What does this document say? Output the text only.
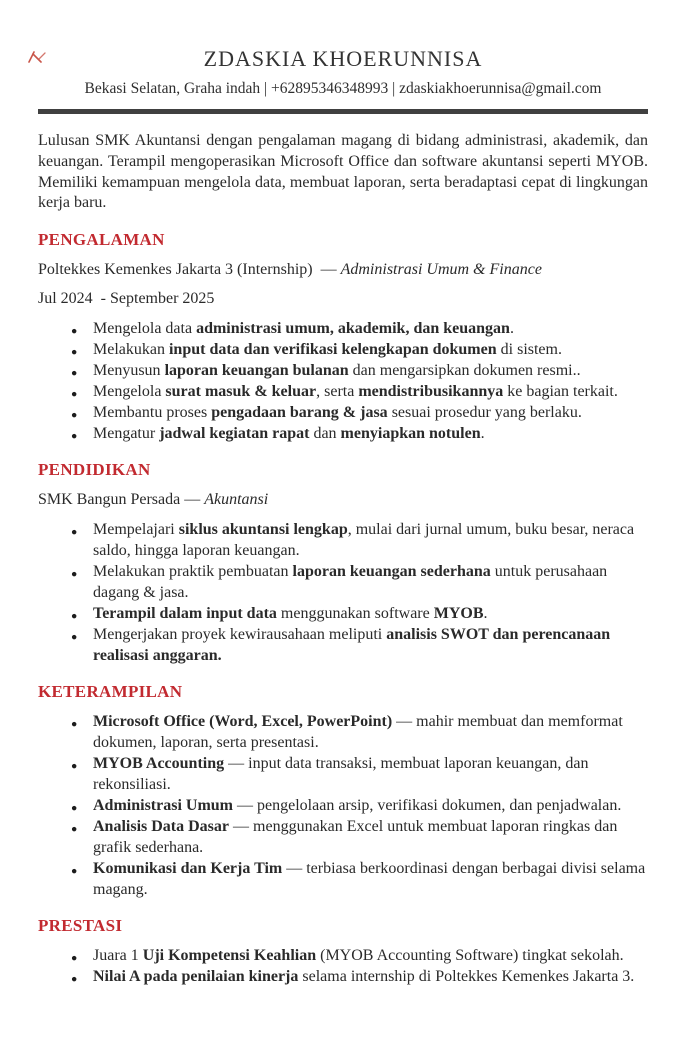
ZDASKIA KHOERUNNISA
Bekasi Selatan, Graha indah | +62895346348993 | zdaskiakhoerunnisa@gmail.com

Lulusan SMK Akuntansi dengan pengalaman magang di bidang administrasi, akademik, dan keuangan. Terampil mengoperasikan Microsoft Office dan software akuntansi seperti MYOB. Memiliki kemampuan mengelola data, membuat laporan, serta beradaptasi cepat di lingkungan kerja baru.

PENGALAMAN
Poltekkes Kemenkes Jakarta 3 (Internship)  — Administrasi Umum & Finance
Jul 2024  - September 2025
● Mengelola data administrasi umum, akademik, dan keuangan.
● Melakukan input data dan verifikasi kelengkapan dokumen di sistem.
● Menyusun laporan keuangan bulanan dan mengarsipkan dokumen resmi..
● Mengelola surat masuk & keluar, serta mendistribusikannya ke bagian terkait.
● Membantu proses pengadaan barang & jasa sesuai prosedur yang berlaku.
● Mengatur jadwal kegiatan rapat dan menyiapkan notulen.
PENDIDIKAN
SMK Bangun Persada — Akuntansi
● Mempelajari siklus akuntansi lengkap, mulai dari jurnal umum, buku besar, neraca saldo, hingga laporan keuangan.
● Melakukan praktik pembuatan laporan keuangan sederhana untuk perusahaan dagang & jasa.
● Terampil dalam input data menggunakan software MYOB.
● Mengerjakan proyek kewirausahaan meliputi analisis SWOT dan perencanaan realisasi anggaran.
KETERAMPILAN
● Microsoft Office (Word, Excel, PowerPoint) — mahir membuat dan memformat dokumen, laporan, serta presentasi.
● MYOB Accounting — input data transaksi, membuat laporan keuangan, dan rekonsiliasi.
● Administrasi Umum — pengelolaan arsip, verifikasi dokumen, dan penjadwalan.
● Analisis Data Dasar — menggunakan Excel untuk membuat laporan ringkas dan grafik sederhana.
● Komunikasi dan Kerja Tim — terbiasa berkoordinasi dengan berbagai divisi selama magang.
PRESTASI
● Juara 1 Uji Kompetensi Keahlian (MYOB Accounting Software) tingkat sekolah.
● Nilai A pada penilaian kinerja selama internship di Poltekkes Kemenkes Jakarta 3.
